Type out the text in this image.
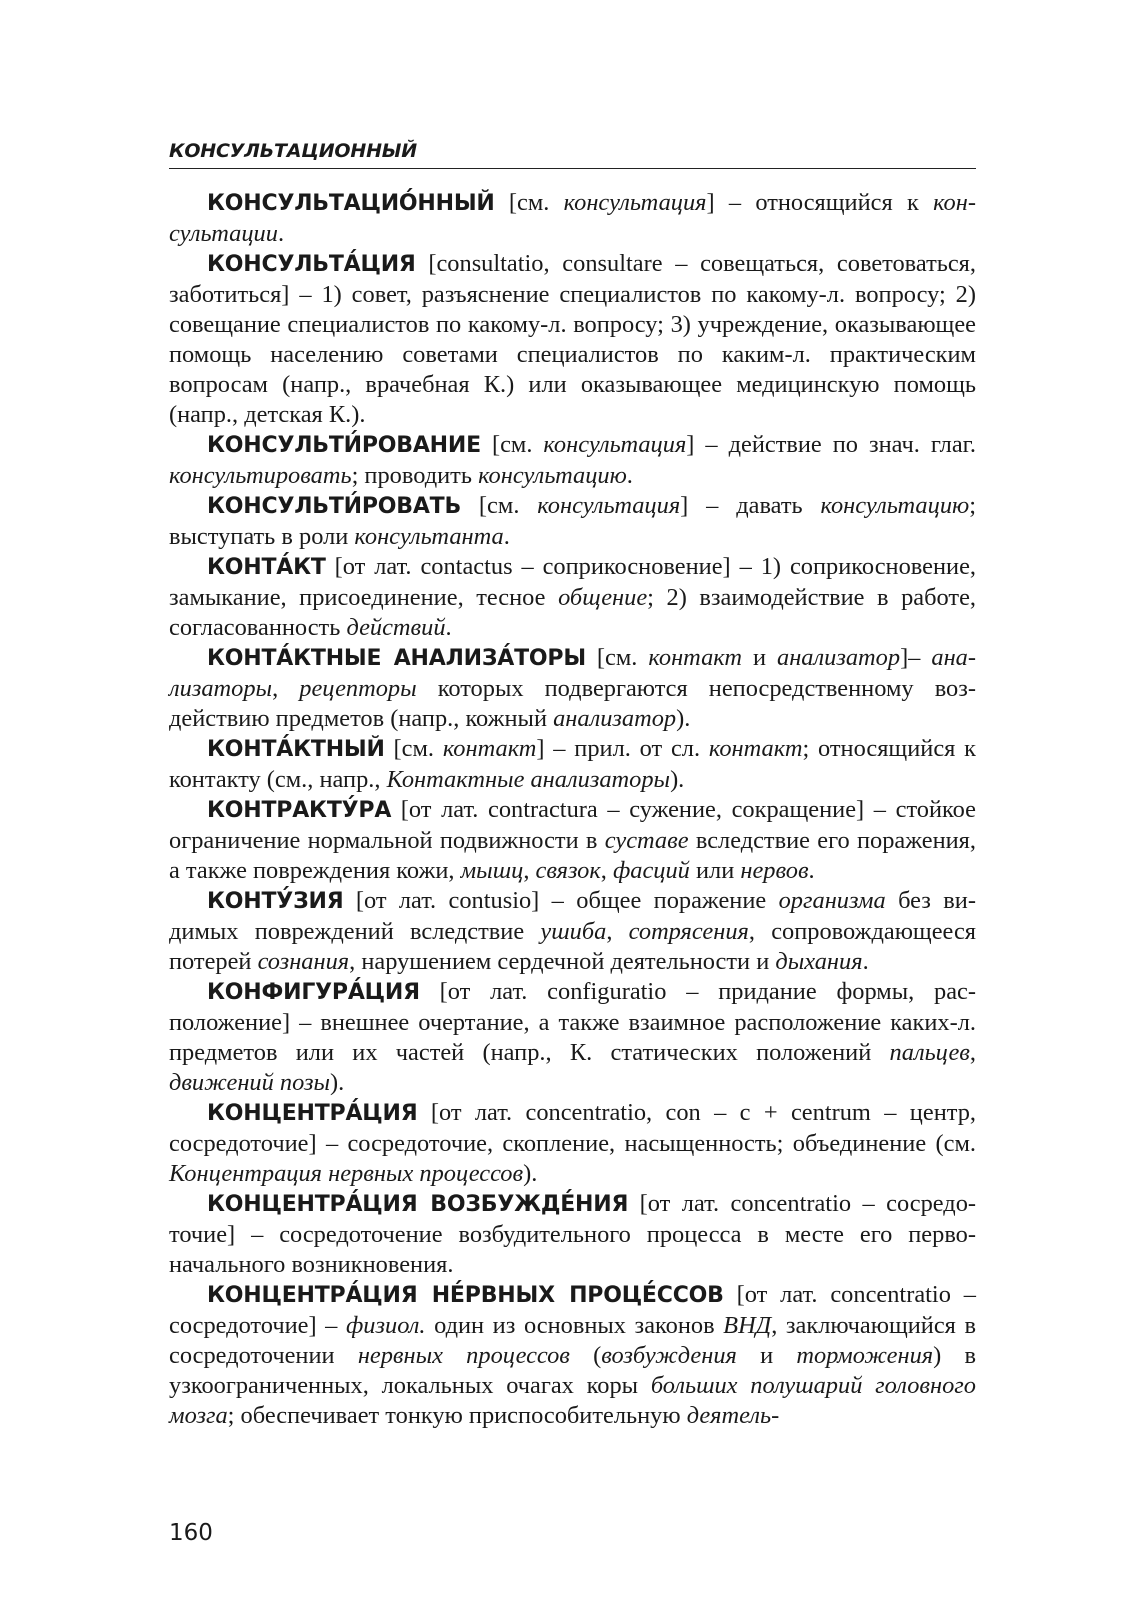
КОНСУЛЬТАЦИОННЫЙ

КОНСУЛЬТАЦИО́ННЫЙ [см. консультация] – относящийся к консультации.

КОНСУЛЬТА́ЦИЯ [consultatio, consultare – совещаться, советоваться, заботиться] – 1) совет, разъяснение специалистов по какому-л. вопросу; 2) совещание специалистов по какому-л. вопросу; 3) учреждение, оказывающее помощь населению советами специалистов по каким-л. практическим вопросам (напр., врачебная К.) или оказывающее медицинскую помощь (напр., детская К.).

КОНСУЛЬТИ́РОВАНИЕ [см. консультация] – действие по знач. глаг. консультировать; проводить консультацию.

КОНСУЛЬТИ́РОВАТЬ [см. консультация] – давать консультацию; выступать в роли консультанта.

КОНТА́КТ [от лат. contactus – соприкосновение] – 1) соприкосновение, замыкание, присоединение, тесное общение; 2) взаимодействие в работе, согласованность действий.

КОНТА́КТНЫЕ АНАЛИЗА́ТОРЫ [см. контакт и анализатор]– анализаторы, рецепторы которых подвергаются непосредственному воздействию предметов (напр., кожный анализатор).

КОНТА́КТНЫЙ [см. контакт] – прил. от сл. контакт; относящийся к контакту (см., напр., Контактные анализаторы).

КОНТРАКТУ́РА [от лат. contractura – сужение, сокращение] – стойкое ограничение нормальной подвижности в суставе вследствие его поражения, а также повреждения кожи, мышц, связок, фасций или нервов.

КОНТУ́ЗИЯ [от лат. contusio] – общее поражение организма без видимых повреждений вследствие ушиба, сотрясения, сопровождающееся потерей сознания, нарушением сердечной деятельности и дыхания.

КОНФИГУРА́ЦИЯ [от лат. configuratio – придание формы, расположение] – внешнее очертание, а также взаимное расположение каких-л. предметов или их частей (напр., К. статических положений пальцев, движений позы).

КОНЦЕНТРА́ЦИЯ [от лат. concentratio, con – с + centrum – центр, сосредоточие] – сосредоточие, скопление, насыщенность; объединение (см. Концентрация нервных процессов).

КОНЦЕНТРА́ЦИЯ ВОЗБУЖДЕ́НИЯ [от лат. concentratio – сосредоточие] – сосредоточение возбудительного процесса в месте его первоначального возникновения.

КОНЦЕНТРА́ЦИЯ НЕ́РВНЫХ ПРОЦЕ́ССОВ [от лат. concentratio – сосредоточие] – физиол. один из основных законов ВНД, заключающийся в сосредоточении нервных процессов (возбуждения и торможения) в узкоограниченных, локальных очагах коры больших полушарий головного мозга; обеспечивает тонкую приспособительную деятель-

160
